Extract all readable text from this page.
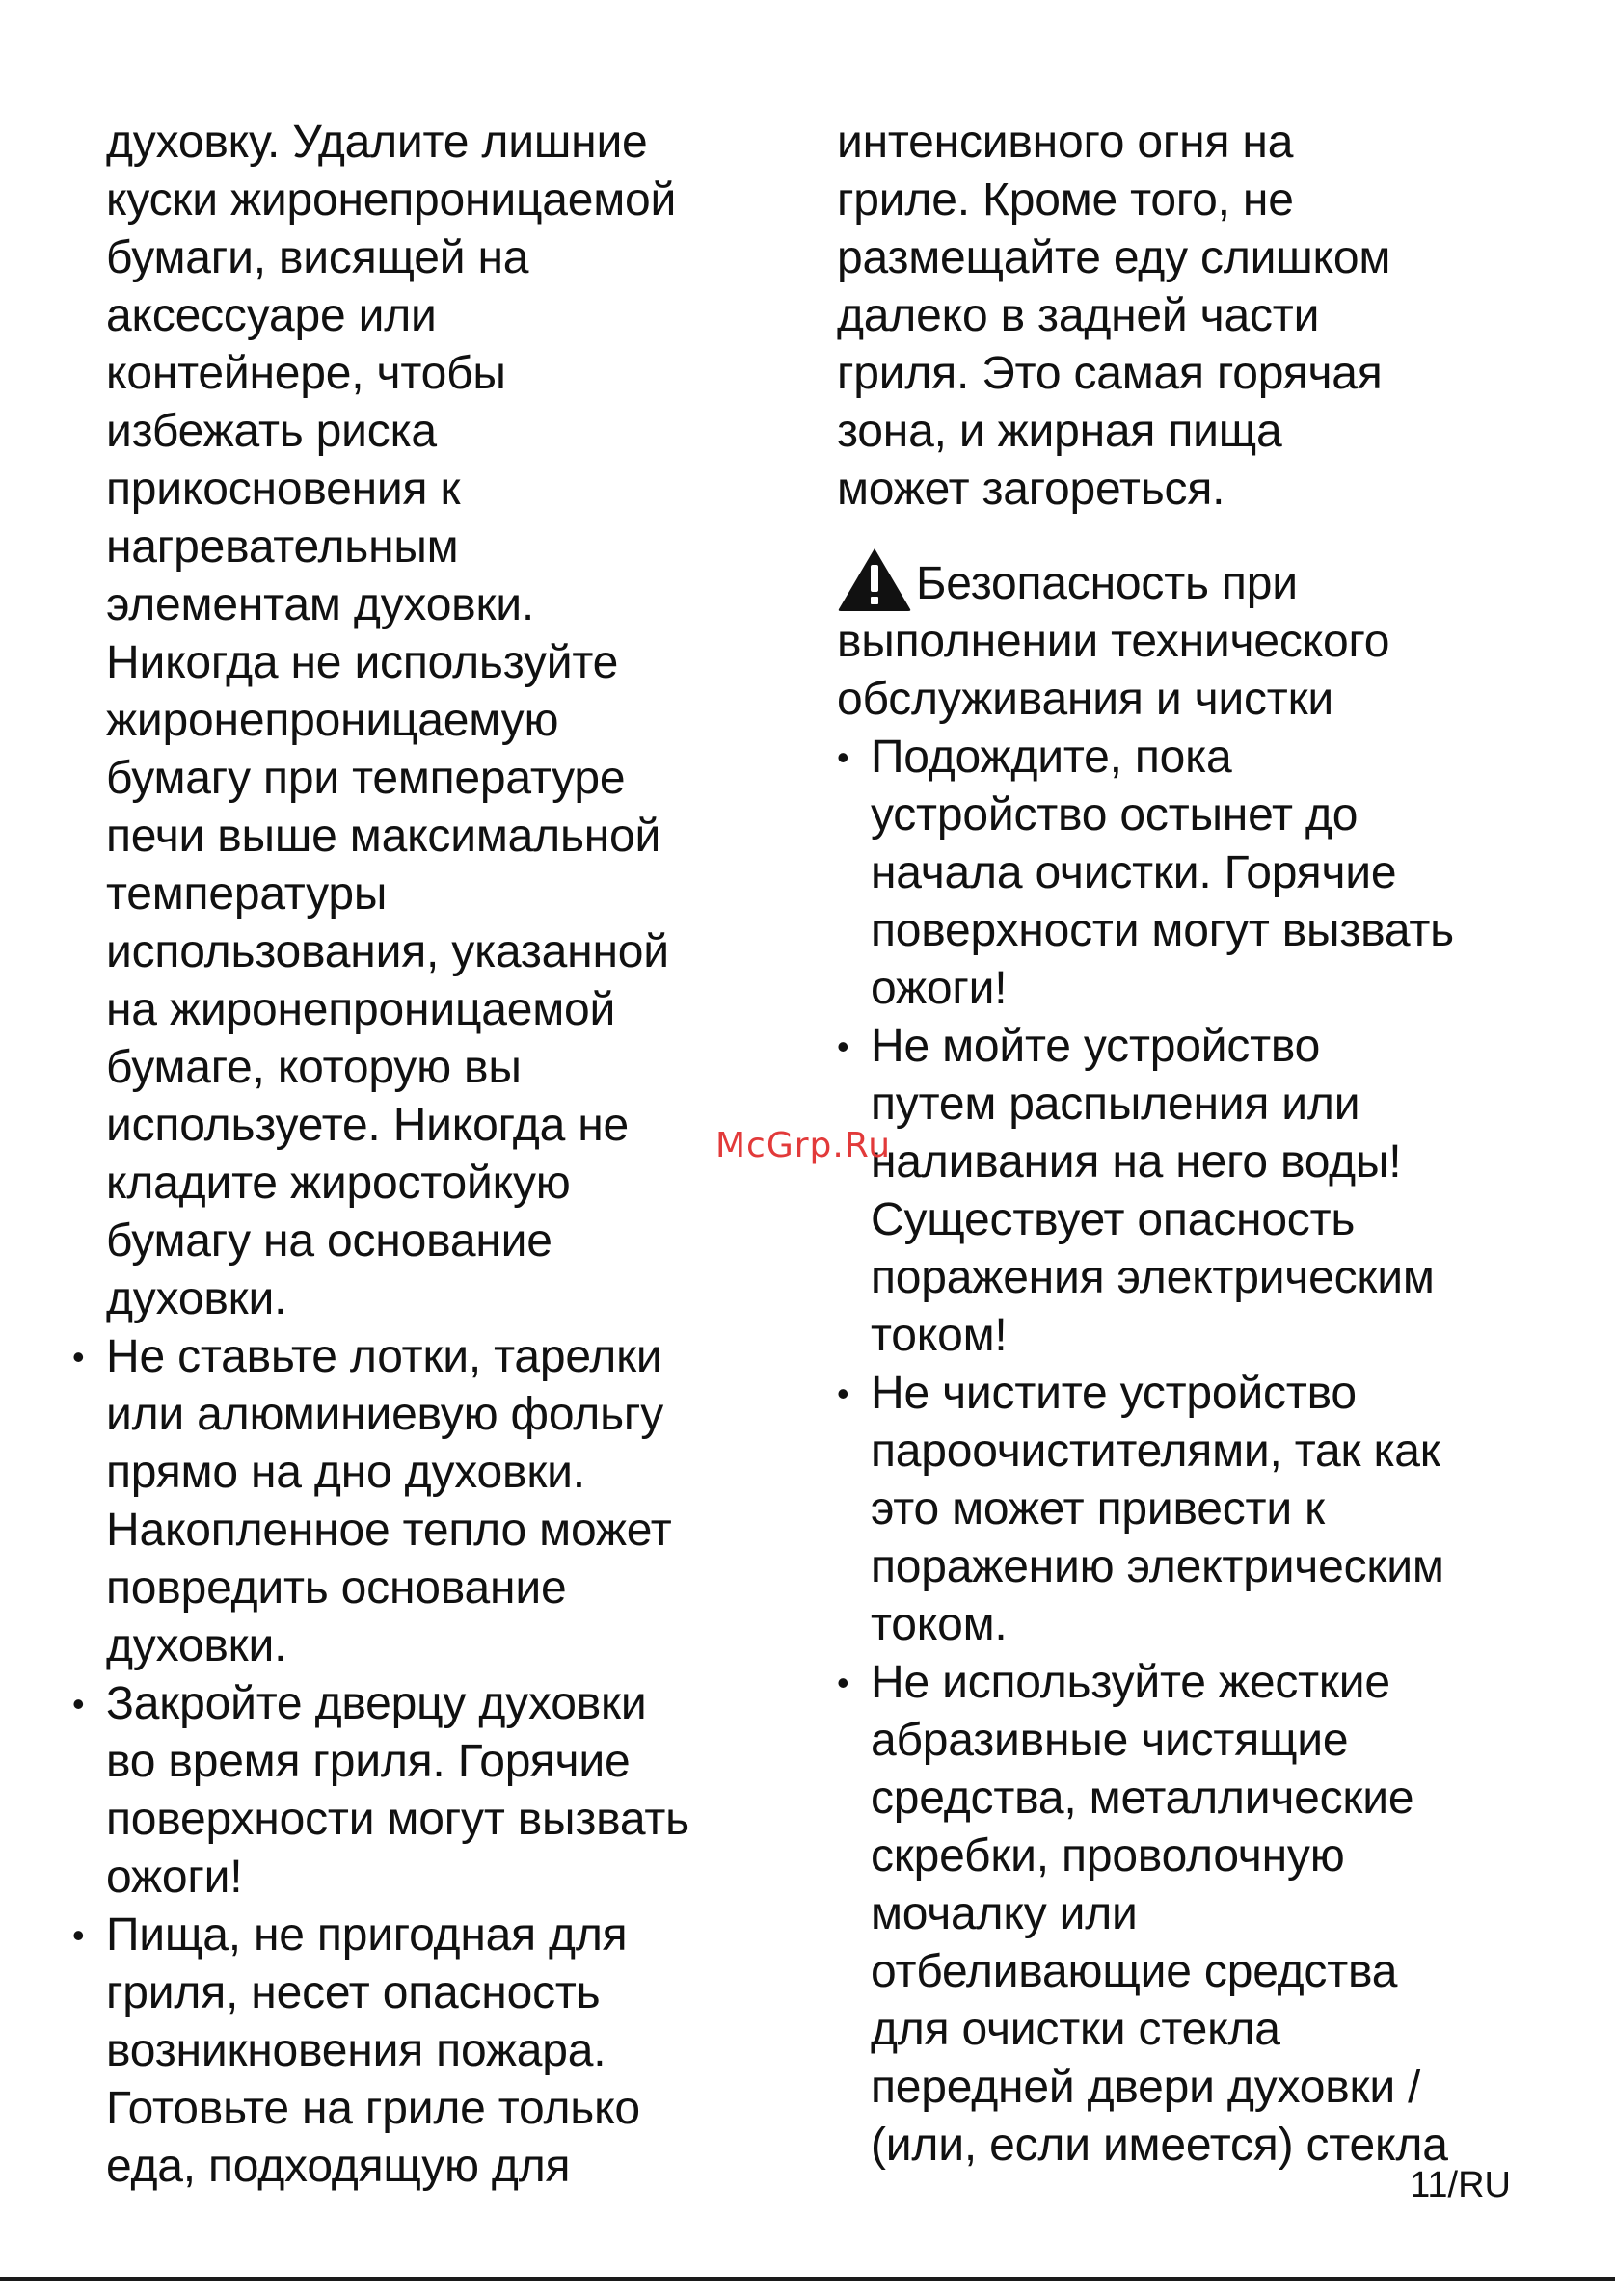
духовку. Удалите лишние
куски жиронепроницаемой
бумаги, висящей на
аксессуаре или
контейнере, чтобы
избежать риска
прикосновения к
нагревательным
элементам духовки.
Никогда не используйте
жиронепроницаемую
бумагу при температуре
печи выше максимальной
температуры
использования, указанной
на жиронепроницаемой
бумаге, которую вы
используете. Никогда не
кладите жиростойкую
бумагу на основание
духовки.
• Не ставьте лотки, тарелки
или алюминиевую фольгу
прямо на дно духовки.
Накопленное тепло может
повредить основание
духовки.
• Закройте дверцу духовки
во время гриля. Горячие
поверхности могут вызвать
ожоги!
• Пища, не пригодная для
гриля, несет опасность
возникновения пожара.
Готовьте на гриле только
еда, подходящую для
интенсивного огня на
гриле. Кроме того, не
размещайте еду слишком
далеко в задней части
гриля. Это самая горячая
зона, и жирная пища
может загореться.
Безопасность при
выполнении технического
обслуживания и чистки
• Подождите, пока
устройство остынет до
начала очистки. Горячие
поверхности могут вызвать
ожоги!
• Не мойте устройство
путем распыления или
наливания на него воды!
Существует опасность
поражения электрическим
током!
• Не чистите устройство
пароочистителями, так как
это может привести к
поражению электрическим
током.
• Не используйте жесткие
абразивные чистящие
средства, металлические
скребки, проволочную
мочалку или
отбеливающие средства
для очистки стекла
передней двери духовки /
(или, если имеется) стекла
McGrp.Ru
11/RU
